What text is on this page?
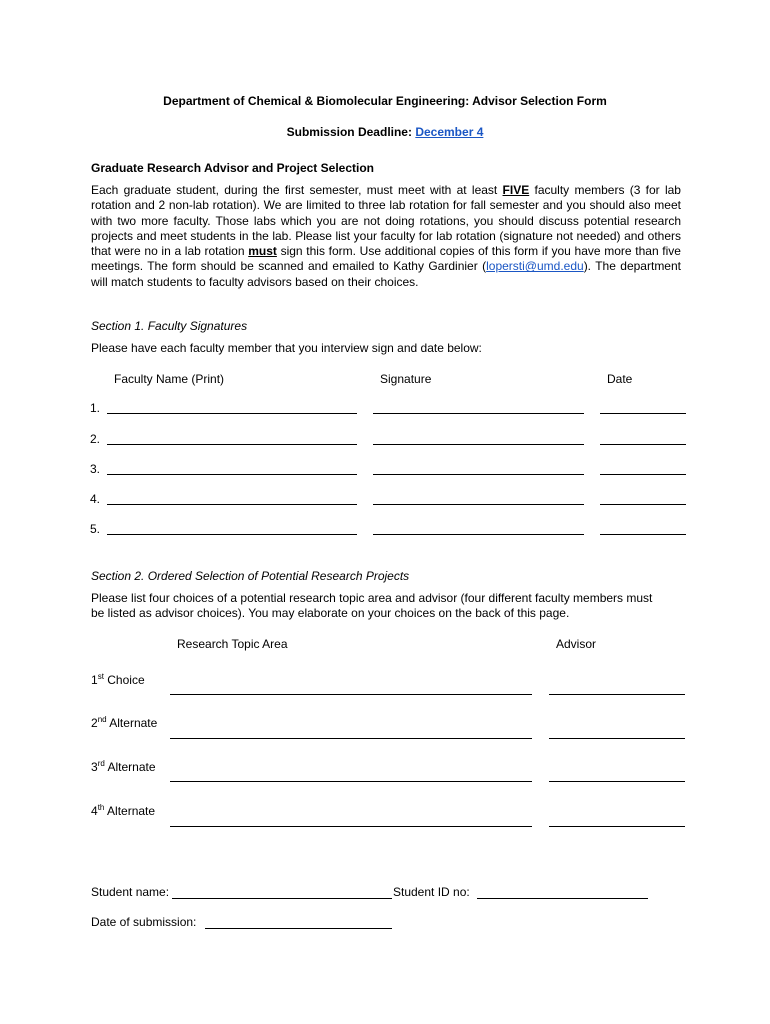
Department of Chemical & Biomolecular Engineering: Advisor Selection Form
Submission Deadline: December 4
Graduate Research Advisor and Project Selection
Each graduate student, during the first semester, must meet with at least FIVE faculty members (3 for lab rotation and 2 non-lab rotation). We are limited to three lab rotation for fall semester and you should also meet with two more faculty. Those labs which you are not doing rotations, you should discuss potential research projects and meet students in the lab. Please list your faculty for lab rotation (signature not needed) and others that were no in a lab rotation must sign this form. Use additional copies of this form if you have more than five meetings. The form should be scanned and emailed to Kathy Gardinier (lopersti@umd.edu). The department will match students to faculty advisors based on their choices.
Section 1. Faculty Signatures
Please have each faculty member that you interview sign and date below:
Faculty Name (Print)	Signature	Date
1.
2.
3.
4.
5.
Section 2. Ordered Selection of Potential Research Projects
Please list four choices of a potential research topic area and advisor (four different faculty members must be listed as advisor choices). You may elaborate on your choices on the back of this page.
Research Topic Area	Advisor
1st Choice
2nd Alternate
3rd Alternate
4th Alternate
Student name:	Student ID no:
Date of submission:
